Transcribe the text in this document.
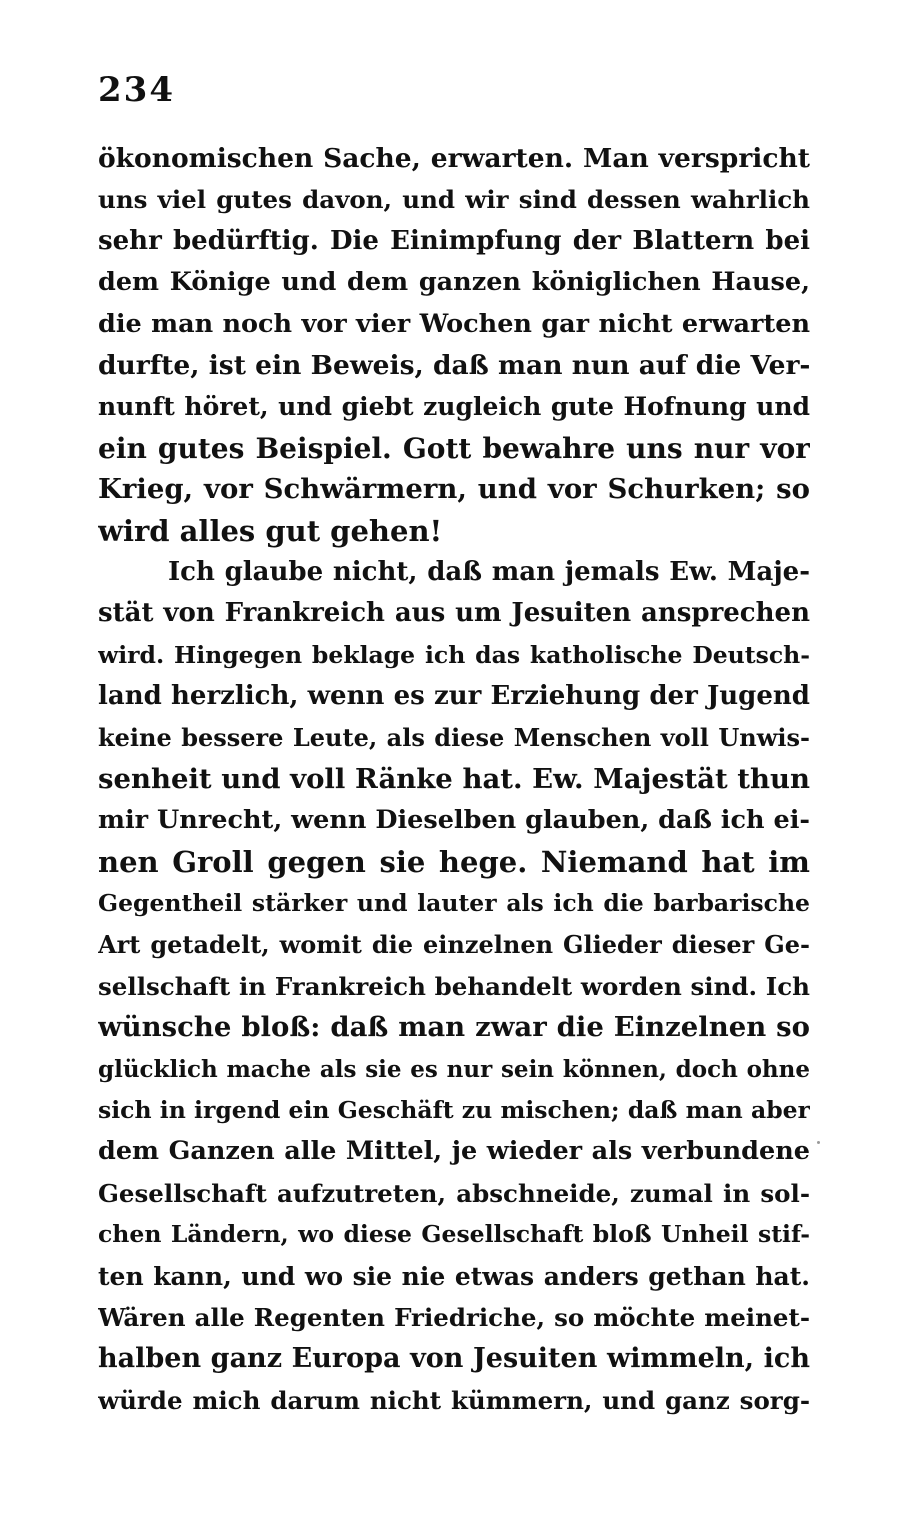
234
ökonomischen Sache, erwarten. Man verspricht
uns viel gutes davon, und wir sind dessen wahrlich
sehr bedürftig. Die Einimpfung der Blattern bei
dem Könige und dem ganzen königlichen Hause,
die man noch vor vier Wochen gar nicht erwarten
durfte, ist ein Beweis, daß man nun auf die Ver-
nunft höret, und giebt zugleich gute Hofnung und
ein gutes Beispiel. Gott bewahre uns nur vor
Krieg, vor Schwärmern, und vor Schurken; so
wird alles gut gehen!
Ich glaube nicht, daß man jemals Ew. Maje-
stät von Frankreich aus um Jesuiten ansprechen
wird. Hingegen beklage ich das katholische Deutsch-
land herzlich, wenn es zur Erziehung der Jugend
keine bessere Leute, als diese Menschen voll Unwis-
senheit und voll Ränke hat. Ew. Majestät thun
mir Unrecht, wenn Dieselben glauben, daß ich ei-
nen Groll gegen sie hege. Niemand hat im
Gegentheil stärker und lauter als ich die barbarische
Art getadelt, womit die einzelnen Glieder dieser Ge-
sellschaft in Frankreich behandelt worden sind. Ich
wünsche bloß: daß man zwar die Einzelnen so
glücklich mache als sie es nur sein können, doch ohne
sich in irgend ein Geschäft zu mischen; daß man aber
dem Ganzen alle Mittel, je wieder als verbundene
Gesellschaft aufzutreten, abschneide, zumal in sol-
chen Ländern, wo diese Gesellschaft bloß Unheil stif-
ten kann, und wo sie nie etwas anders gethan hat.
Wären alle Regenten Friedriche, so möchte meinet-
halben ganz Europa von Jesuiten wimmeln, ich
würde mich darum nicht kümmern, und ganz sorg-
